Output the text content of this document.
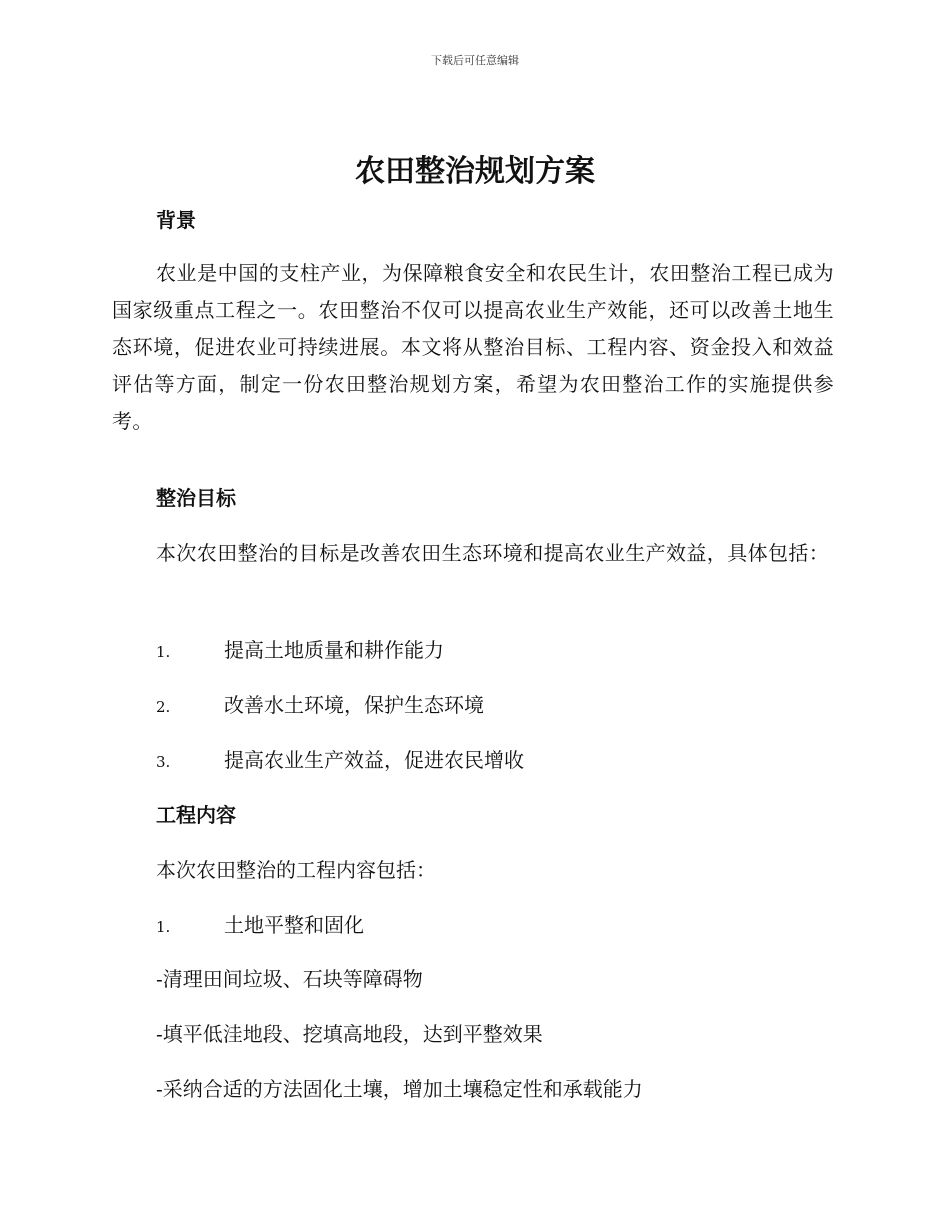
下载后可任意编辑
农田整治规划方案
背景

农业是中国的支柱产业，为保障粮食安全和农民生计，农田整治工程已成为国家级重点工程之一。农田整治不仅可以提高农业生产效能，还可以改善土地生态环境，促进农业可持续进展。本文将从整治目标、工程内容、资金投入和效益评估等方面，制定一份农田整治规划方案，希望为农田整治工作的实施提供参考。

整治目标

本次农田整治的目标是改善农田生态环境和提高农业生产效益，具体包括：

1.	提高土地质量和耕作能力
2.	改善水土环境，保护生态环境
3.	提高农业生产效益，促进农民增收
工程内容

本次农田整治的工程内容包括：

1.	土地平整和固化

-清理田间垃圾、石块等障碍物

-填平低洼地段、挖填高地段，达到平整效果

-采纳合适的方法固化土壤，增加土壤稳定性和承载能力
